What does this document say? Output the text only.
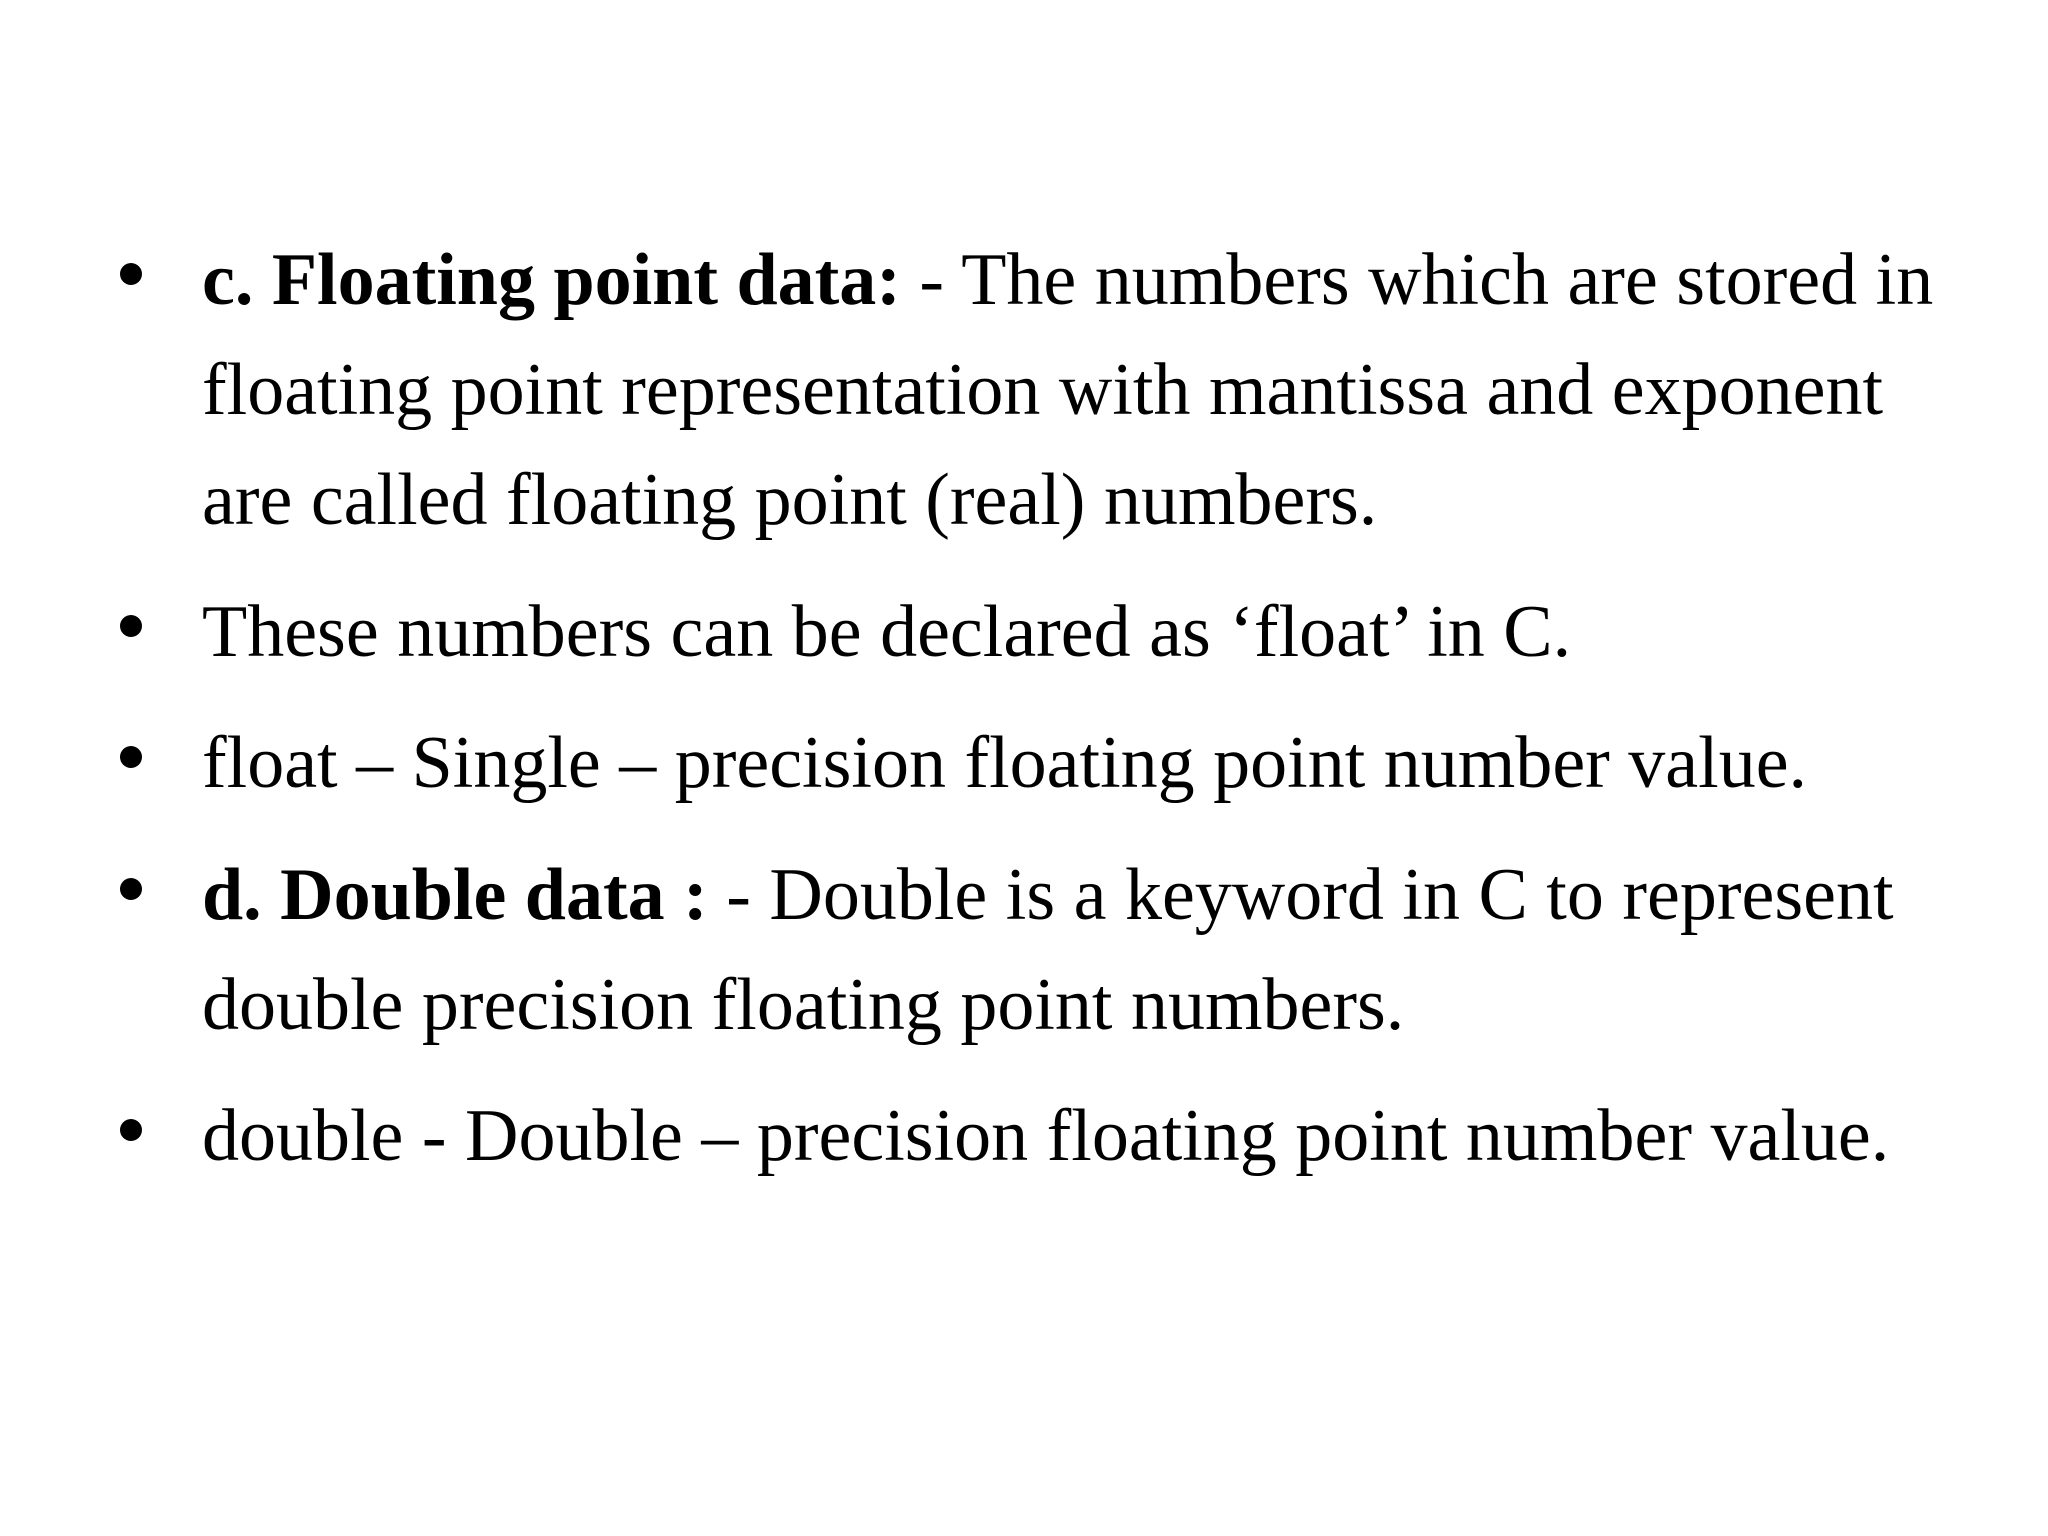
c. Floating point data: - The numbers which are stored in
floating point representation with mantissa and exponent
are called floating point (real) numbers.
These numbers can be declared as ‘float’ in C.
float – Single – precision floating point number value.
d. Double data : - Double is a keyword in C to represent
double precision floating point numbers.
double - Double – precision floating point number value.
